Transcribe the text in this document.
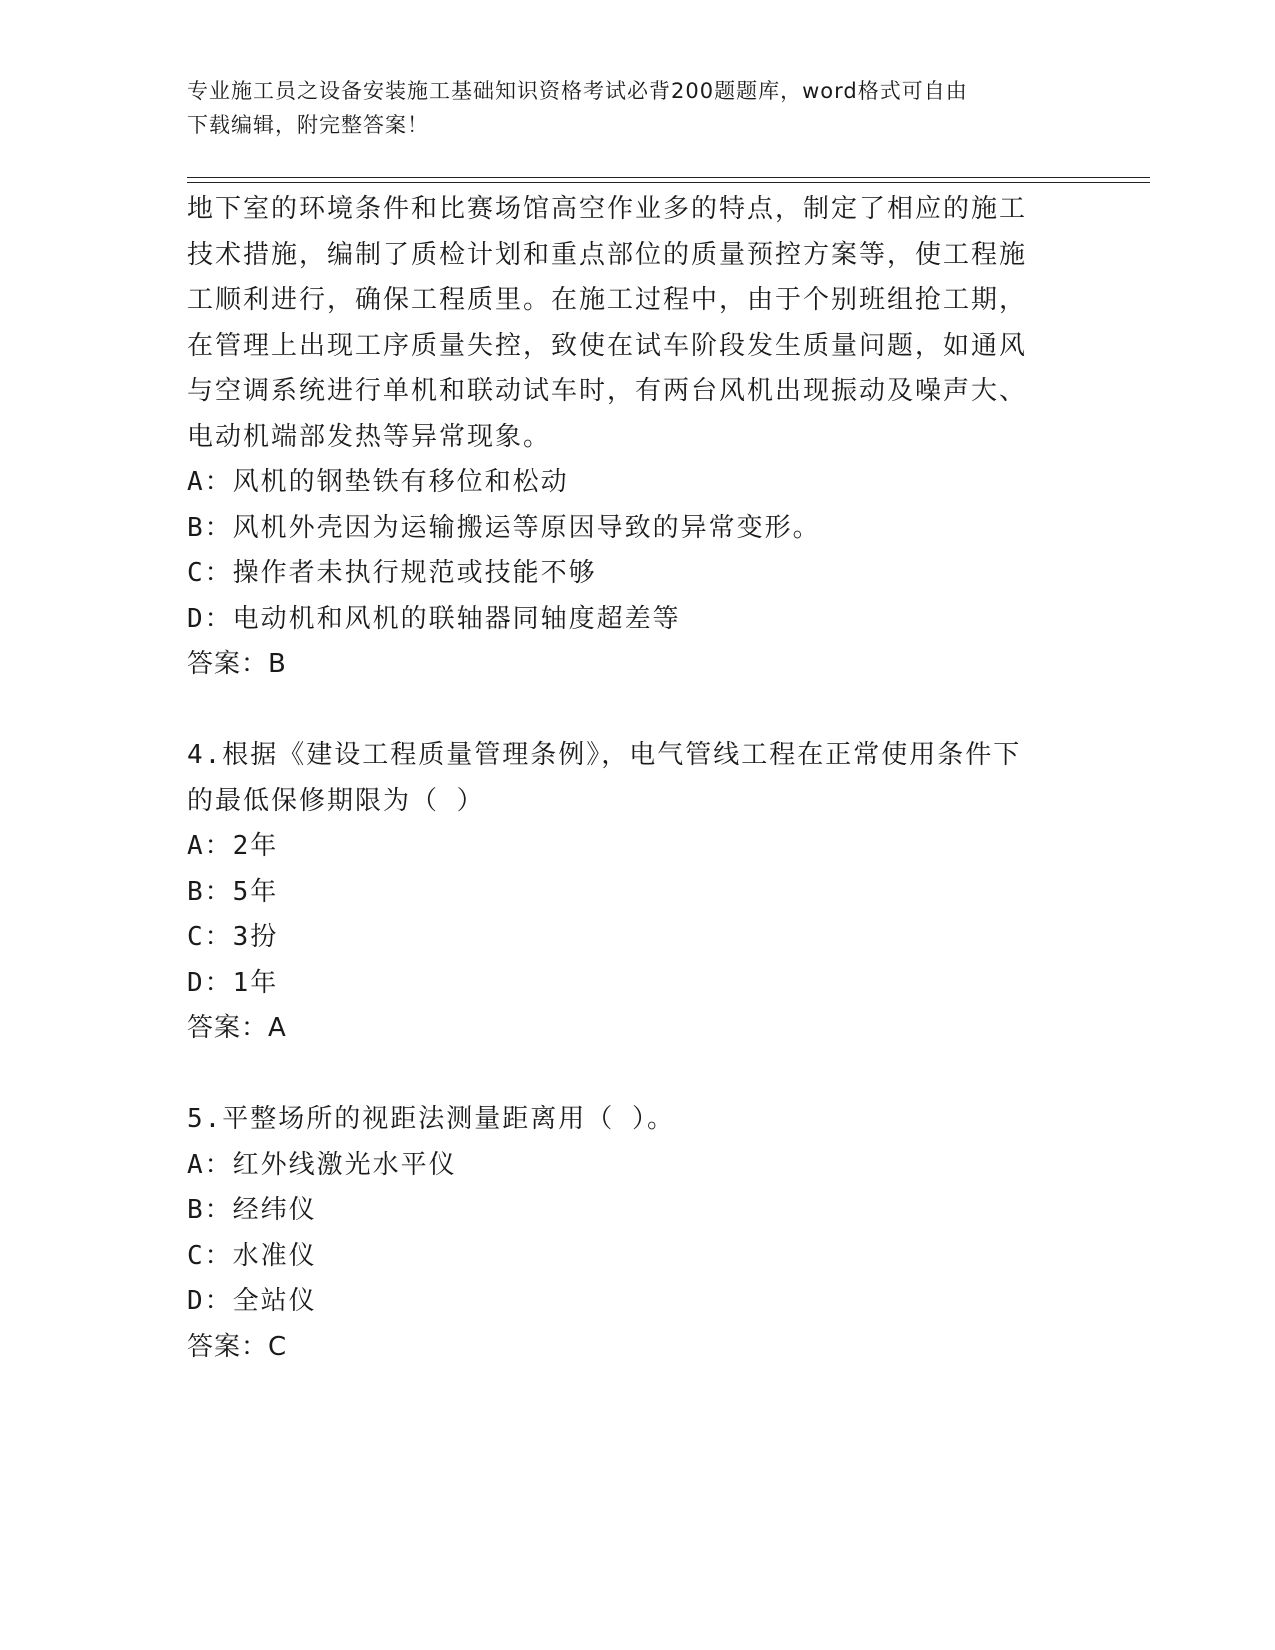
专业施工员之设备安装施工基础知识资格考试必背200题题库，word格式可自由
下载编辑，附完整答案！
地下室的环境条件和比赛场馆高空作业多的特点，制定了相应的施工
技术措施，编制了质检计划和重点部位的质量预控方案等，使工程施
工顺利进行，确保工程质里。在施工过程中，由于个别班组抢工期，
在管理上出现工序质量失控，致使在试车阶段发生质量问题，如通风
与空调系统进行单机和联动试车时，有两台风机出现振动及噪声大、
电动机端部发热等异常现象。
A：风机的钢垫铁有移位和松动
B：风机外壳因为运输搬运等原因导致的异常变形。
C：操作者未执行规范或技能不够
D：电动机和风机的联轴器同轴度超差等
答案：B
4.根据《建设工程质量管理条例》，电气管线工程在正常使用条件下
的最低保修期限为（ ）
A：2年
B：5年
C：3扮
D：1年
答案：A
5.平整场所的视距法测量距离用（ ）。
A：红外线激光水平仪
B：经纬仪
C：水准仪
D：全站仪
答案：C
